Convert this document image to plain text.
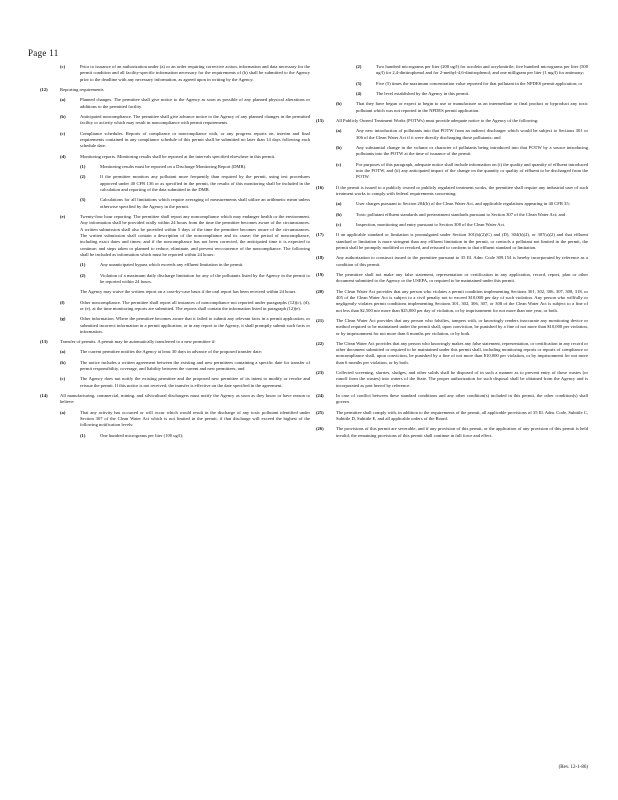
Page 11
(c)	Prior to issuance of an authorization under (a) or an order requiring corrective action, information and data necessary for the permit condition and all facility-specific information necessary for the requirements of (b) shall be submitted to the Agency prior to the deadline with any necessary information, as agreed upon in writing by the Agency.
(12)	Reporting requirements
(a)	Planned changes. The permittee shall give notice to the Agency as soon as possible of any planned physical alterations or additions to the permitted facility.
(b)	Anticipated noncompliance. The permittee shall give advance notice to the Agency of any planned changes in the permitted facility or activity which may result in noncompliance with permit requirements.
(c)	Compliance schedules. Reports of compliance or noncompliance with, or any progress reports on, interim and final requirements contained in any compliance schedule of this permit shall be submitted no later than 14 days following each schedule date.
(d)	Monitoring reports. Monitoring results shall be reported at the intervals specified elsewhere in this permit.
(1)	Monitoring results must be reported on a Discharge Monitoring Report (DMR).
(2)	If the permittee monitors any pollutant more frequently than required by the permit, using test procedures approved under 40 CFR 136 or as specified in the permit, the results of this monitoring shall be included in the calculation and reporting of the data submitted in the DMR.
(3)	Calculations for all limitations which require averaging of measurements shall utilize an arithmetic mean unless otherwise specified by the Agency in the permit.
(e)	Twenty-four hour reporting. The permittee shall report any noncompliance which may endanger health or the environment. Any information shall be provided orally within 24 hours from the time the permittee becomes aware of the circumstances. A written submission shall also be provided within 5 days of the time the permittee becomes aware of the circumstances. The written submission shall contain a description of the noncompliance and its cause; the period of noncompliance, including exact dates and times; and if the noncompliance has not been corrected, the anticipated time it is expected to continue; and steps taken or planned to reduce, eliminate, and prevent reoccurrence of the noncompliance. The following shall be included as information which must be reported within 24 hours:
(1)	Any unanticipated bypass which exceeds any effluent limitation in the permit.
(2)	Violation of a maximum daily discharge limitation for any of the pollutants listed by the Agency in the permit to be reported within 24 hours.
The Agency may waive the written report on a case-by-case basis if the oral report has been received within 24 hours.
(f)	Other noncompliance. The permittee shall report all instances of noncompliance not reported under paragraphs (12)(c), (d), or (e), at the time monitoring reports are submitted. The reports shall contain the information listed in paragraph (12)(e).
(g)	Other information. Where the permittee becomes aware that it failed to submit any relevant facts in a permit application, or submitted incorrect information in a permit application, or in any report to the Agency, it shall promptly submit such facts or information.
(13)	Transfer of permits. A permit may be automatically transferred to a new permittee if:
(a)	The current permittee notifies the Agency at least 30 days in advance of the proposed transfer date;
(b)	The notice includes a written agreement between the existing and new permittees containing a specific date for transfer of permit responsibility, coverage, and liability between the current and new permittees; and
(c)	The Agency does not notify the existing permittee and the proposed new permittee of its intent to modify or revoke and reissue the permit. If this notice is not received, the transfer is effective on the date specified in the agreement.
(14)	All manufacturing, commercial, mining, and silvicultural dischargers must notify the Agency as soon as they know or have reason to believe:
(a)	That any activity has occurred or will occur which would result in the discharge of any toxic pollutant identified under Section 307 of the Clean Water Act which is not limited in the permit, if that discharge will exceed the highest of the following notification levels:
(1)	One hundred micrograms per liter (100 ug/l);
(2)	Two hundred micrograms per liter (200 ug/l) for acrolein and acrylonitrile; five hundred micrograms per liter (500 ug/l) for 2,4-dinitrophenol and for 2-methyl-4,6-dinitrophenol; and one milligram per liter (1 mg/l) for antimony;
(3)	Five (5) times the maximum concentration value reported for that pollutant in the NPDES permit application; or
(4)	The level established by the Agency in this permit.
(b)	That they have begun or expect to begin to use or manufacture as an intermediate or final product or byproduct any toxic pollutant which was not reported in the NPDES permit application.
(15)	All Publicly Owned Treatment Works (POTWs) must provide adequate notice to the Agency of the following:
(a)	Any new introduction of pollutants into that POTW from an indirect discharger which would be subject to Sections 301 or 306 of the Clean Water Act if it were directly discharging those pollutants; and
(b)	Any substantial change in the volume or character of pollutants being introduced into that POTW by a source introducing pollutants into the POTW at the time of issuance of the permit.
(c)	For purposes of this paragraph, adequate notice shall include information on (i) the quality and quantity of effluent introduced into the POTW, and (ii) any anticipated impact of the change on the quantity or quality of effluent to be discharged from the POTW.
(16)	If the permit is issued to a publicly owned or publicly regulated treatment works, the permittee shall require any industrial user of such treatment works to comply with federal requirements concerning:
(a)	User charges pursuant to Section 204(b) of the Clean Water Act, and applicable regulations appearing in 40 CFR 35;
(b)	Toxic pollutant effluent standards and pretreatment standards pursuant to Section 307 of the Clean Water Act; and
(c)	Inspection, monitoring and entry pursuant to Section 308 of the Clean Water Act.
(17)	If an applicable standard or limitation is promulgated under Section 301(b)(2)(C) and (D), 304(b)(2), or 307(a)(2) and that effluent standard or limitation is more stringent than any effluent limitation in the permit, or controls a pollutant not limited in the permit, the permit shall be promptly modified or revoked, and reissued to conform to that effluent standard or limitation.
(18)	Any authorization to construct issued to the permittee pursuant to 35 Ill. Adm. Code 309.154 is hereby incorporated by reference as a condition of this permit.
(19)	The permittee shall not make any false statement, representation or certification in any application, record, report, plan or other document submitted to the Agency or the USEPA, or required to be maintained under this permit.
(20)	The Clean Water Act provides that any person who violates a permit condition implementing Sections 301, 302, 306, 307, 308, 318, or 405 of the Clean Water Act is subject to a civil penalty not to exceed $10,000 per day of such violation. Any person who willfully or negligently violates permit conditions implementing Sections 301, 302, 306, 307, or 308 of the Clean Water Act is subject to a fine of not less than $2,500 nor more than $25,000 per day of violation, or by imprisonment for not more than one year, or both.
(21)	The Clean Water Act provides that any person who falsifies, tampers with, or knowingly renders inaccurate any monitoring device or method required to be maintained under the permit shall, upon conviction, be punished by a fine of not more than $10,000 per violation, or by imprisonment for not more than 6 months per violation, or by both.
(22)	The Clean Water Act provides that any person who knowingly makes any false statement, representation, or certification in any record or other document submitted or required to be maintained under this permit shall, including monitoring reports or reports of compliance or noncompliance shall, upon conviction, be punished by a fine of not more than $10,000 per violation, or by imprisonment for not more than 6 months per violation, or by both.
(23)	Collected screening, slurries, sludges, and other solids shall be disposed of in such a manner as to prevent entry of those wastes (or runoff from the wastes) into waters of the State. The proper authorization for such disposal shall be obtained from the Agency and is incorporated as part hereof by reference.
(24)	In case of conflict between these standard conditions and any other condition(s) included in this permit, the other condition(s) shall govern.
(25)	The permittee shall comply with, in addition to the requirements of the permit, all applicable provisions of 35 Ill. Adm. Code, Subtitle C, Subtitle D, Subtitle E, and all applicable orders of the Board.
(26)	The provisions of this permit are severable, and if any provision of this permit, or the application of any provision of this permit is held invalid, the remaining provisions of this permit shall continue in full force and effect.
(Rev. 12-1-86)
